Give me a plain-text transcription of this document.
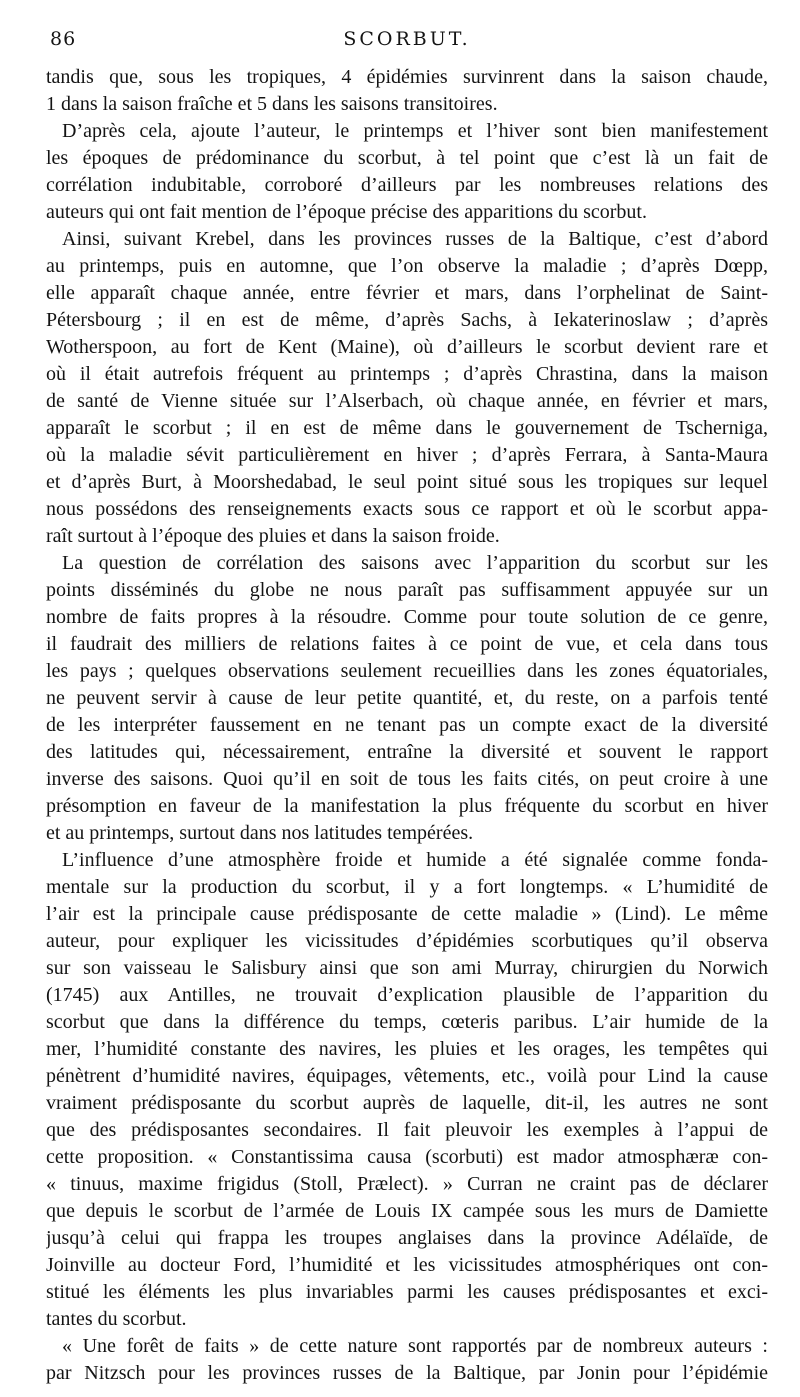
86	SCORBUT.
tandis que, sous les tropiques, 4 épidémies survinrent dans la saison chaude,
1 dans la saison fraîche et 5 dans les saisons transitoires.
D’après cela, ajoute l’auteur, le printemps et l’hiver sont bien manifestement
les époques de prédominance du scorbut, à tel point que c’est là un fait de
corrélation indubitable, corroboré d’ailleurs par les nombreuses relations des
auteurs qui ont fait mention de l’époque précise des apparitions du scorbut.
Ainsi, suivant Krebel, dans les provinces russes de la Baltique, c’est d’abord
au printemps, puis en automne, que l’on observe la maladie ; d’après Dœpp,
elle apparaît chaque année, entre février et mars, dans l’orphelinat de Saint-
Pétersbourg ; il en est de même, d’après Sachs, à Iekaterinoslaw ; d’après
Wotherspoon, au fort de Kent (Maine), où d’ailleurs le scorbut devient rare et
où il était autrefois fréquent au printemps ; d’après Chrastina, dans la maison
de santé de Vienne située sur l’Alserbach, où chaque année, en février et mars,
apparaît le scorbut ; il en est de même dans le gouvernement de Tscherniga,
où la maladie sévit particulièrement en hiver ; d’après Ferrara, à Santa-Maura
et d’après Burt, à Moorshedabad, le seul point situé sous les tropiques sur lequel
nous possédons des renseignements exacts sous ce rapport et où le scorbut appa-
raît surtout à l’époque des pluies et dans la saison froide.
La question de corrélation des saisons avec l’apparition du scorbut sur les
points disséminés du globe ne nous paraît pas suffisamment appuyée sur un
nombre de faits propres à la résoudre. Comme pour toute solution de ce genre,
il faudrait des milliers de relations faites à ce point de vue, et cela dans tous
les pays ; quelques observations seulement recueillies dans les zones équatoriales,
ne peuvent servir à cause de leur petite quantité, et, du reste, on a parfois tenté
de les interpréter faussement en ne tenant pas un compte exact de la diversité
des latitudes qui, nécessairement, entraîne la diversité et souvent le rapport
inverse des saisons. Quoi qu’il en soit de tous les faits cités, on peut croire à une
présomption en faveur de la manifestation la plus fréquente du scorbut en hiver
et au printemps, surtout dans nos latitudes tempérées.
L’influence d’une atmosphère froide et humide a été signalée comme fonda-
mentale sur la production du scorbut, il y a fort longtemps. « L’humidité de
l’air est la principale cause prédisposante de cette maladie » (Lind). Le même
auteur, pour expliquer les vicissitudes d’épidémies scorbutiques qu’il observa
sur son vaisseau le Salisbury ainsi que son ami Murray, chirurgien du Norwich
(1745) aux Antilles, ne trouvait d’explication plausible de l’apparition du
scorbut que dans la différence du temps, cœteris paribus. L’air humide de la
mer, l’humidité constante des navires, les pluies et les orages, les tempêtes qui
pénètrent d’humidité navires, équipages, vêtements, etc., voilà pour Lind la cause
vraiment prédisposante du scorbut auprès de laquelle, dit-il, les autres ne sont
que des prédisposantes secondaires. Il fait pleuvoir les exemples à l’appui de
cette proposition. « Constantissima causa (scorbuti) est mador atmosphæræ con-
« tinuus, maxime frigidus (Stoll, Prælect). » Curran ne craint pas de déclarer
que depuis le scorbut de l’armée de Louis IX campée sous les murs de Damiette
jusqu’à celui qui frappa les troupes anglaises dans la province Adélaïde, de
Joinville au docteur Ford, l’humidité et les vicissitudes atmosphériques ont con-
stitué les éléments les plus invariables parmi les causes prédisposantes et exci-
tantes du scorbut.
« Une forêt de faits » de cette nature sont rapportés par de nombreux auteurs :
par Nitzsch pour les provinces russes de la Baltique, par Jonin pour l’épidémie
